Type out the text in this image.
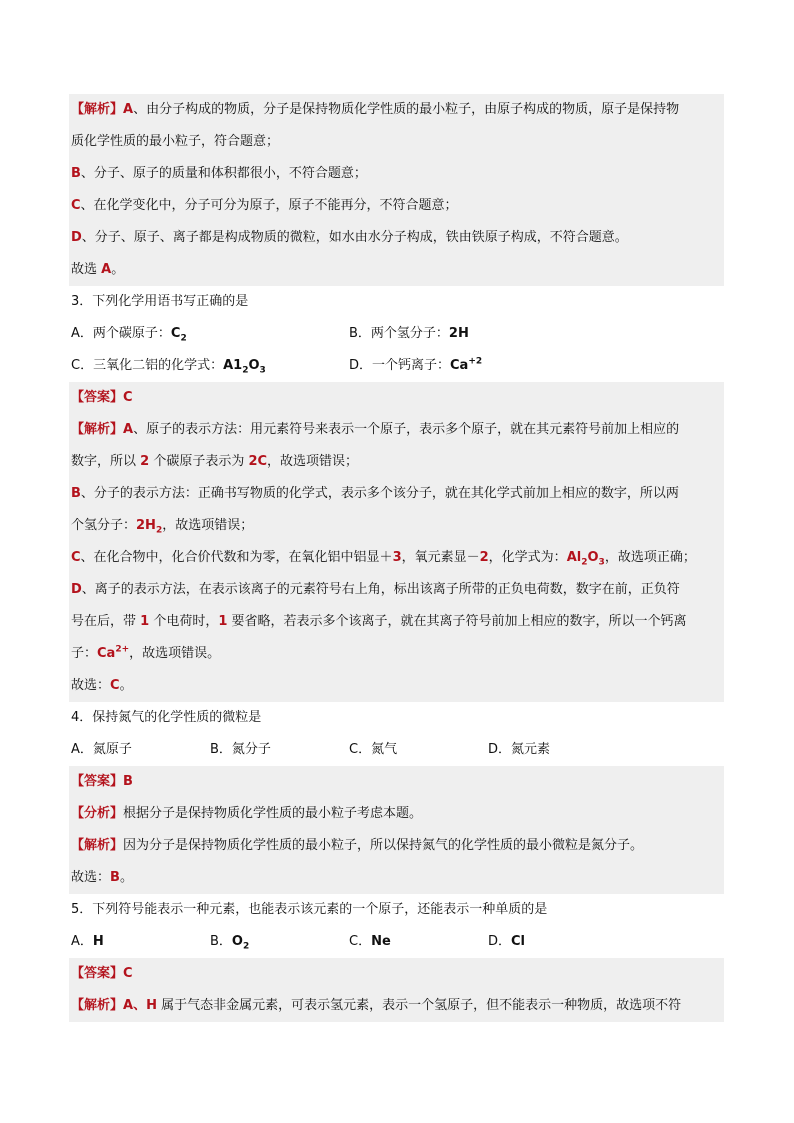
【解析】A、由分子构成的物质，分子是保持物质化学性质的最小粒子，由原子构成的物质，原子是保持物
质化学性质的最小粒子，符合题意；
B、分子、原子的质量和体积都很小，不符合题意；
C、在化学变化中，分子可分为原子，原子不能再分，不符合题意；
D、分子、原子、离子都是构成物质的微粒，如水由水分子构成，铁由铁原子构成，不符合题意。
故选 A。
3．下列化学用语书写正确的是
A．两个碳原子：$C_2$	B．两个氢分子：2H
C．三氧化二铝的化学式：$A1_2O_3$	D．一个钙离子：$Ca^{+2}$
【答案】C
【解析】A、原子的表示方法：用元素符号来表示一个原子，表示多个原子，就在其元素符号前加上相应的
数字，所以 2 个碳原子表示为 2C，故选项错误；
B、分子的表示方法：正确书写物质的化学式，表示多个该分子，就在其化学式前加上相应的数字，所以两
个氢分子：$2H_2$，故选项错误；
C、在化合物中，化合价代数和为零，在氧化铝中铝显＋3，氧元素显－2，化学式为：$Al_2O_3$，故选项正确；
D、离子的表示方法，在表示该离子的元素符号右上角，标出该离子所带的正负电荷数，数字在前，正负符
号在后，带 1 个电荷时，1 要省略，若表示多个该离子，就在其离子符号前加上相应的数字，所以一个钙离
子：$Ca^{2+}$，故选项错误。
故选：C。
4．保持氮气的化学性质的微粒是
A．氮原子	B．氮分子	C．氮气	D．氮元素
【答案】B
【分析】根据分子是保持物质化学性质的最小粒子考虑本题。
【解析】因为分子是保持物质化学性质的最小粒子，所以保持氮气的化学性质的最小微粒是氮分子。
故选：B。
5．下列符号能表示一种元素，也能表示该元素的一个原子，还能表示一种单质的是
A．H	B．$O_2$	C．Ne	D．Cl
【答案】C
【解析】A、H 属于气态非金属元素，可表示氢元素，表示一个氢原子，但不能表示一种物质，故选项不符
